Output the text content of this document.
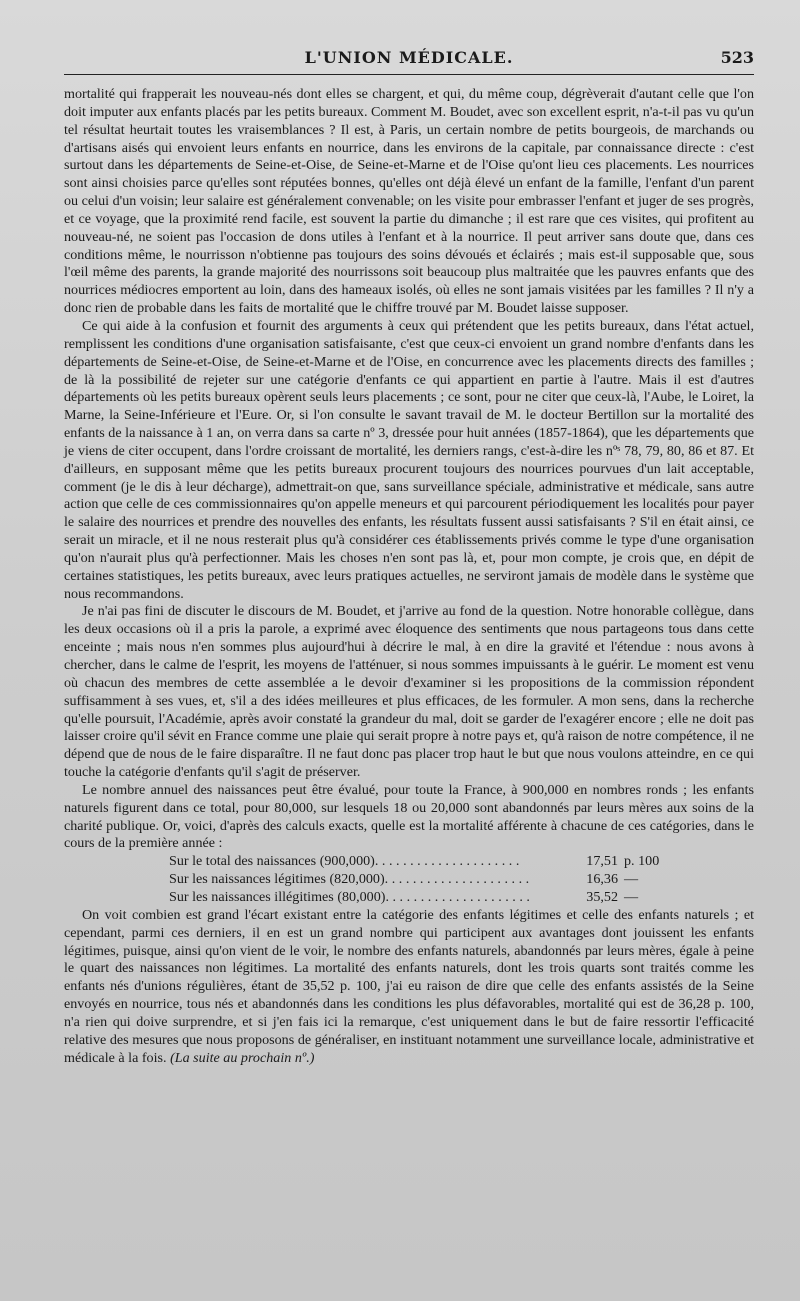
L'UNION MÉDICALE.	523

mortalité qui frapperait les nouveau-nés dont elles se chargent, et qui, du même coup, dégrèverait d'autant celle que l'on doit imputer aux enfants placés par les petits bureaux. Comment M. Boudet, avec son excellent esprit, n'a-t-il pas vu qu'un tel résultat heurtait toutes les vraisemblances ? Il est, à Paris, un certain nombre de petits bourgeois, de marchands ou d'artisans aisés qui envoient leurs enfants en nourrice, dans les environs de la capitale, par connaissance directe : c'est surtout dans les départements de Seine-et-Oise, de Seine-et-Marne et de l'Oise qu'ont lieu ces placements. Les nourrices sont ainsi choisies parce qu'elles sont réputées bonnes, qu'elles ont déjà élevé un enfant de la famille, l'enfant d'un parent ou celui d'un voisin; leur salaire est généralement convenable; on les visite pour embrasser l'enfant et juger de ses progrès, et ce voyage, que la proximité rend facile, est souvent la partie du dimanche ; il est rare que ces visites, qui profitent au nouveau-né, ne soient pas l'occasion de dons utiles à l'enfant et à la nourrice. Il peut arriver sans doute que, dans ces conditions même, le nourrisson n'obtienne pas toujours des soins dévoués et éclairés ; mais est-il supposable que, sous l'œil même des parents, la grande majorité des nourrissons soit beaucoup plus maltraitée que les pauvres enfants que des nourrices médiocres emportent au loin, dans des hameaux isolés, où elles ne sont jamais visitées par les familles ? Il n'y a donc rien de probable dans les faits de mortalité que le chiffre trouvé par M. Boudet laisse supposer.

Ce qui aide à la confusion et fournit des arguments à ceux qui prétendent que les petits bureaux, dans l'état actuel, remplissent les conditions d'une organisation satisfaisante, c'est que ceux-ci envoient un grand nombre d'enfants dans les départements de Seine-et-Oise, de Seine-et-Marne et de l'Oise, en concurrence avec les placements directs des familles ; de là la possibilité de rejeter sur une catégorie d'enfants ce qui appartient en partie à l'autre. Mais il est d'autres départements où les petits bureaux opèrent seuls leurs placements ; ce sont, pour ne citer que ceux-là, l'Aube, le Loiret, la Marne, la Seine-Inférieure et l'Eure. Or, si l'on consulte le savant travail de M. le docteur Bertillon sur la mortalité des enfants de la naissance à 1 an, on verra dans sa carte nº 3, dressée pour huit années (1857-1864), que les départements que je viens de citer occupent, dans l'ordre croissant de mortalité, les derniers rangs, c'est-à-dire les nºˢ 78, 79, 80, 86 et 87. Et d'ailleurs, en supposant même que les petits bureaux procurent toujours des nourrices pourvues d'un lait acceptable, comment (je le dis à leur décharge), admettrait-on que, sans surveillance spéciale, administrative et médicale, sans autre action que celle de ces commissionnaires qu'on appelle meneurs et qui parcourent périodiquement les localités pour payer le salaire des nourrices et prendre des nouvelles des enfants, les résultats fussent aussi satisfaisants ? S'il en était ainsi, ce serait un miracle, et il ne nous resterait plus qu'à considérer ces établissements privés comme le type d'une organisation qu'on n'aurait plus qu'à perfectionner. Mais les choses n'en sont pas là, et, pour mon compte, je crois que, en dépit de certaines statistiques, les petits bureaux, avec leurs pratiques actuelles, ne serviront jamais de modèle dans le système que nous recommandons.

Je n'ai pas fini de discuter le discours de M. Boudet, et j'arrive au fond de la question. Notre honorable collègue, dans les deux occasions où il a pris la parole, a exprimé avec éloquence des sentiments que nous partageons tous dans cette enceinte ; mais nous n'en sommes plus aujourd'hui à décrire le mal, à en dire la gravité et l'étendue : nous avons à chercher, dans le calme de l'esprit, les moyens de l'atténuer, si nous sommes impuissants à le guérir. Le moment est venu où chacun des membres de cette assemblée a le devoir d'examiner si les propositions de la commission répondent suffisamment à ses vues, et, s'il a des idées meilleures et plus efficaces, de les formuler. A mon sens, dans la recherche qu'elle poursuit, l'Académie, après avoir constaté la grandeur du mal, doit se garder de l'exagérer encore ; elle ne doit pas laisser croire qu'il sévit en France comme une plaie qui serait propre à notre pays et, qu'à raison de notre compétence, il ne dépend que de nous de le faire disparaître. Il ne faut donc pas placer trop haut le but que nous voulons atteindre, en ce qui touche la catégorie d'enfants qu'il s'agit de préserver.

Le nombre annuel des naissances peut être évalué, pour toute la France, à 900,000 en nombres ronds ; les enfants naturels figurent dans ce total, pour 80,000, sur lesquels 18 ou 20,000 sont abandonnés par leurs mères aux soins de la charité publique. Or, voici, d'après des calculs exacts, quelle est la mortalité afférente à chacune de ces catégories, dans le cours de la première année :

Sur le total des naissances (900,000). . . .	17,51 p. 100
Sur les naissances légitimes (820,000). . . .	16,36 —
Sur les naissances illégitimes (80,000). . . .	35,52 —

On voit combien est grand l'écart existant entre la catégorie des enfants légitimes et celle des enfants naturels ; et cependant, parmi ces derniers, il en est un grand nombre qui participent aux avantages dont jouissent les enfants légitimes, puisque, ainsi qu'on vient de le voir, le nombre des enfants naturels, abandonnés par leurs mères, égale à peine le quart des naissances non légitimes. La mortalité des enfants naturels, dont les trois quarts sont traités comme les enfants nés d'unions régulières, étant de 35,52 p. 100, j'ai eu raison de dire que celle des enfants assistés de la Seine envoyés en nourrice, tous nés et abandonnés dans les conditions les plus défavorables, mortalité qui est de 36,28 p. 100, n'a rien qui doive surprendre, et si j'en fais ici la remarque, c'est uniquement dans le but de faire ressortir l'efficacité relative des mesures que nous proposons de généraliser, en instituant notamment une surveillance locale, administrative et médicale à la fois. (La suite au prochain nº.)
